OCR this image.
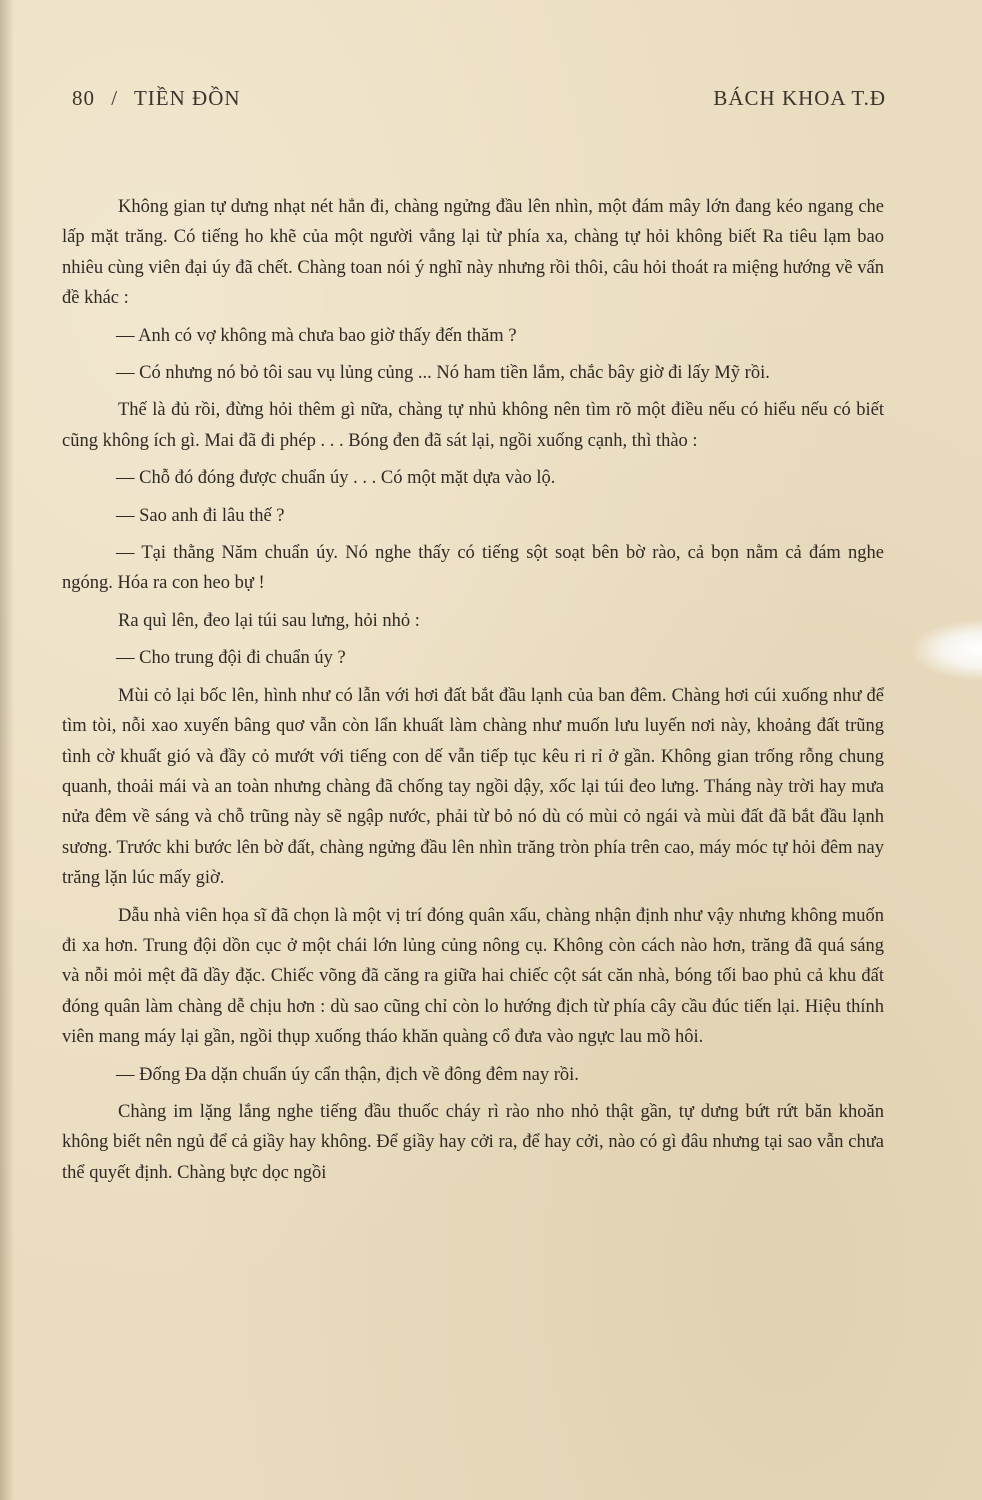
80 / TIỀN ĐỒN	BÁCH KHOA T.Đ

Không gian tự dưng nhạt nét hẳn đi, chàng ngửng đầu lên nhìn, một đám mây lớn đang kéo ngang che lấp mặt trăng. Có tiếng ho khẽ của một người vẳng lại từ phía xa, chàng tự hỏi không biết Ra tiêu lạm bao nhiêu cùng viên đại úy đã chết. Chàng toan nói ý nghĩ này nhưng rồi thôi, câu hỏi thoát ra miệng hướng về vấn đề khác :

— Anh có vợ không mà chưa bao giờ thấy đến thăm ?

— Có nhưng nó bỏ tôi sau vụ lủng củng ... Nó ham tiền lắm, chắc bây giờ đi lấy Mỹ rồi.

Thế là đủ rồi, đừng hỏi thêm gì nữa, chàng tự nhủ không nên tìm rõ một điều nếu có hiểu nếu có biết cũng không ích gì. Mai đã đi phép . . . Bóng đen đã sát lại, ngồi xuống cạnh, thì thào :

— Chỗ đó đóng được chuẩn úy . . . Có một mặt dựa vào lộ.

— Sao anh đi lâu thế ?

— Tại thằng Năm chuẩn úy. Nó nghe thấy có tiếng sột soạt bên bờ rào, cả bọn nằm cả đám nghe ngóng. Hóa ra con heo bự !

Ra quì lên, đeo lại túi sau lưng, hỏi nhỏ :

— Cho trung đội đi chuẩn úy ?

Mùi cỏ lại bốc lên, hình như có lẫn với hơi đất bắt đầu lạnh của ban đêm. Chàng hơi cúi xuống như để tìm tòi, nỗi xao xuyến bâng quơ vẫn còn lẩn khuất làm chàng như muốn lưu luyến nơi này, khoảng đất trũng tình cờ khuất gió và đầy cỏ mướt với tiếng con dế vẫn tiếp tục kêu ri rỉ ở gần. Không gian trống rỗng chung quanh, thoải mái và an toàn nhưng chàng đã chống tay ngồi dậy, xốc lại túi đeo lưng. Tháng này trời hay mưa nửa đêm về sáng và chỗ trũng này sẽ ngập nước, phải từ bỏ nó dù có mùi cỏ ngái và mùi đất đã bắt đầu lạnh sương. Trước khi bước lên bờ đất, chàng ngửng đầu lên nhìn trăng tròn phía trên cao, máy móc tự hỏi đêm nay trăng lặn lúc mấy giờ.

Dẫu nhà viên họa sĩ đã chọn là một vị trí đóng quân xấu, chàng nhận định như vậy nhưng không muốn đi xa hơn. Trung đội dồn cục ở một chái lớn lủng củng nông cụ. Không còn cách nào hơn, trăng đã quá sáng và nỗi mỏi mệt đã dầy đặc. Chiếc võng đã căng ra giữa hai chiếc cột sát căn nhà, bóng tối bao phủ cả khu đất đóng quân làm chàng dễ chịu hơn : dù sao cũng chỉ còn lo hướng địch từ phía cây cầu đúc tiến lại. Hiệu thính viên mang máy lại gần, ngồi thụp xuống tháo khăn quàng cổ đưa vào ngực lau mồ hôi.

— Đống Đa dặn chuẩn úy cẩn thận, địch về đông đêm nay rồi.

Chàng im lặng lắng nghe tiếng đầu thuốc cháy rì rào nho nhỏ thật gần, tự dưng bứt rứt băn khoăn không biết nên ngủ để cả giầy hay không. Để giầy hay cởi ra, để hay cởi, nào có gì đâu nhưng tại sao vẫn chưa thể quyết định. Chàng bực dọc ngồi
